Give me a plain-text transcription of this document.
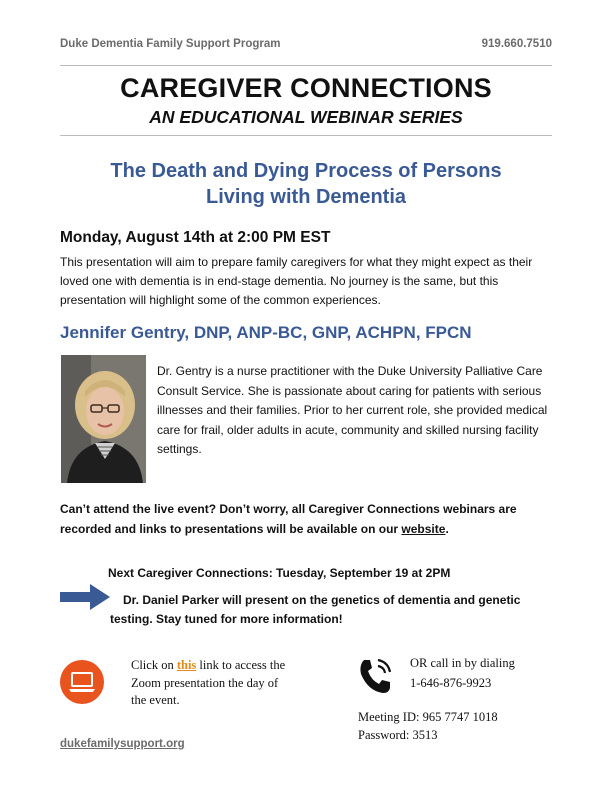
Duke Dementia Family Support Program	919.660.7510
CAREGIVER CONNECTIONS
AN EDUCATIONAL WEBINAR SERIES
The Death and Dying Process of Persons
Living with Dementia
Monday, August 14th at 2:00 PM EST
This presentation will aim to prepare family caregivers for what they might expect as their loved one with dementia is in end-stage dementia. No journey is the same, but this presentation will highlight some of the common experiences.
Jennifer Gentry, DNP, ANP-BC, GNP, ACHPN, FPCN
Dr. Gentry is a nurse practitioner with the Duke University Palliative Care Consult Service. She is passionate about caring for patients with serious illnesses and their families. Prior to her current role, she provided medical care for frail, older adults in acute, community and skilled nursing facility settings.
Can’t attend the live event? Don’t worry, all Caregiver Connections webinars are recorded and links to presentations will be available on our website.
Next Caregiver Connections: Tuesday, September 19 at 2PM
Dr. Daniel Parker will present on the genetics of dementia and genetic testing. Stay tuned for more information!
Click on this link to access the Zoom presentation the day of the event.
OR call in by dialing
1-646-876-9923
Meeting ID: 965 7747 1018
Password: 3513
dukefamilysupport.org
